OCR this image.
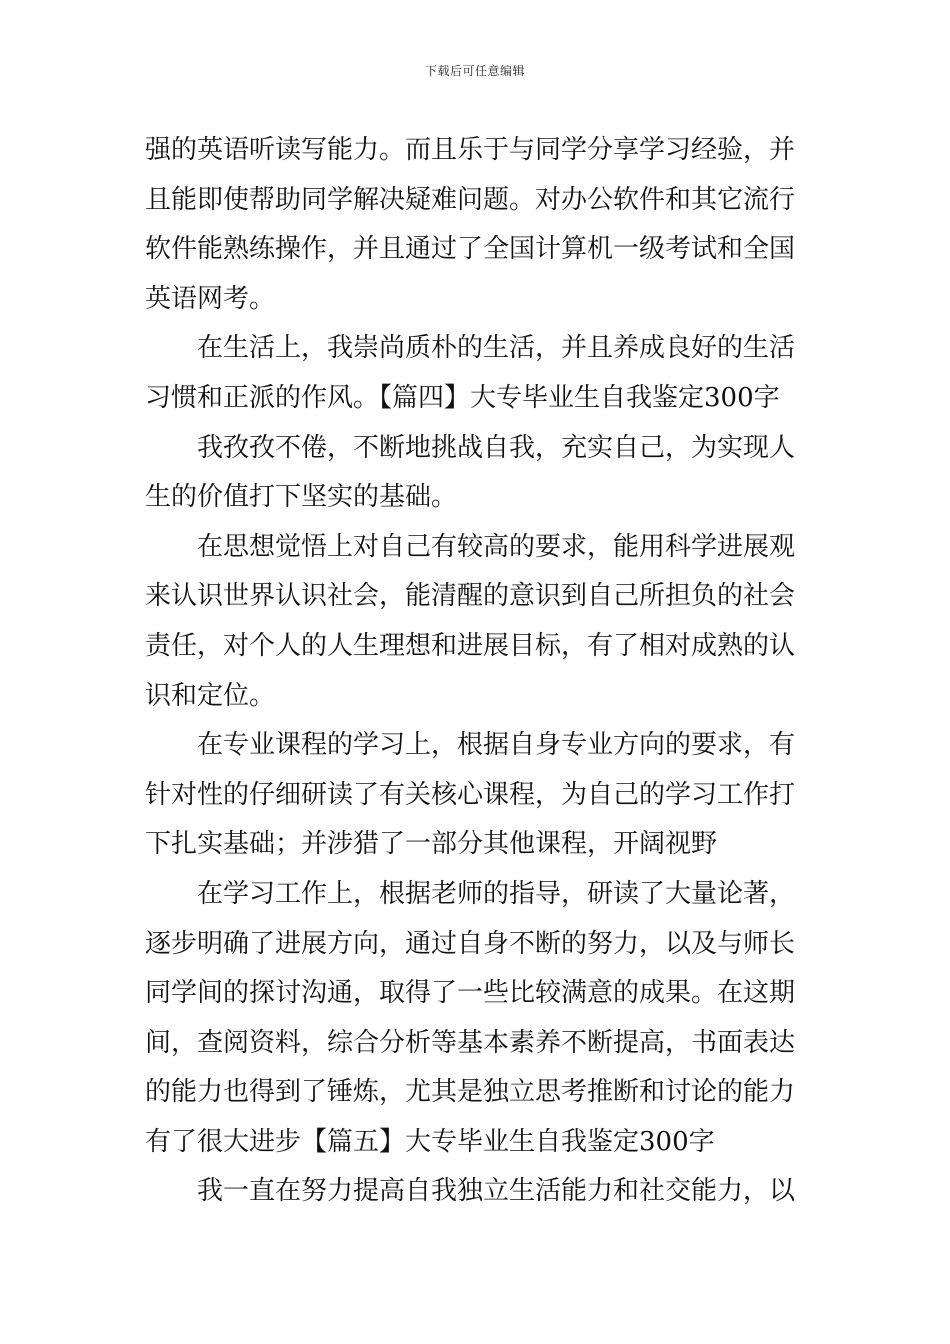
下载后可任意编辑
强的英语听读写能力。而且乐于与同学分享学习经验，并
且能即使帮助同学解决疑难问题。对办公软件和其它流行
软件能熟练操作，并且通过了全国计算机一级考试和全国
英语网考。
在生活上，我崇尚质朴的生活，并且养成良好的生活
习惯和正派的作风。【篇四】大专毕业生自我鉴定300字
我孜孜不倦，不断地挑战自我，充实自己，为实现人
生的价值打下坚实的基础。
在思想觉悟上对自己有较高的要求，能用科学进展观
来认识世界认识社会，能清醒的意识到自己所担负的社会
责任，对个人的人生理想和进展目标，有了相对成熟的认
识和定位。
在专业课程的学习上，根据自身专业方向的要求，有
针对性的仔细研读了有关核心课程，为自己的学习工作打
下扎实基础；并涉猎了一部分其他课程，开阔视野
在学习工作上，根据老师的指导，研读了大量论著，
逐步明确了进展方向，通过自身不断的努力，以及与师长
同学间的探讨沟通，取得了一些比较满意的成果。在这期
间，查阅资料，综合分析等基本素养不断提高，书面表达
的能力也得到了锤炼，尤其是独立思考推断和讨论的能力
有了很大进步【篇五】大专毕业生自我鉴定300字
我一直在努力提高自我独立生活能力和社交能力，以
